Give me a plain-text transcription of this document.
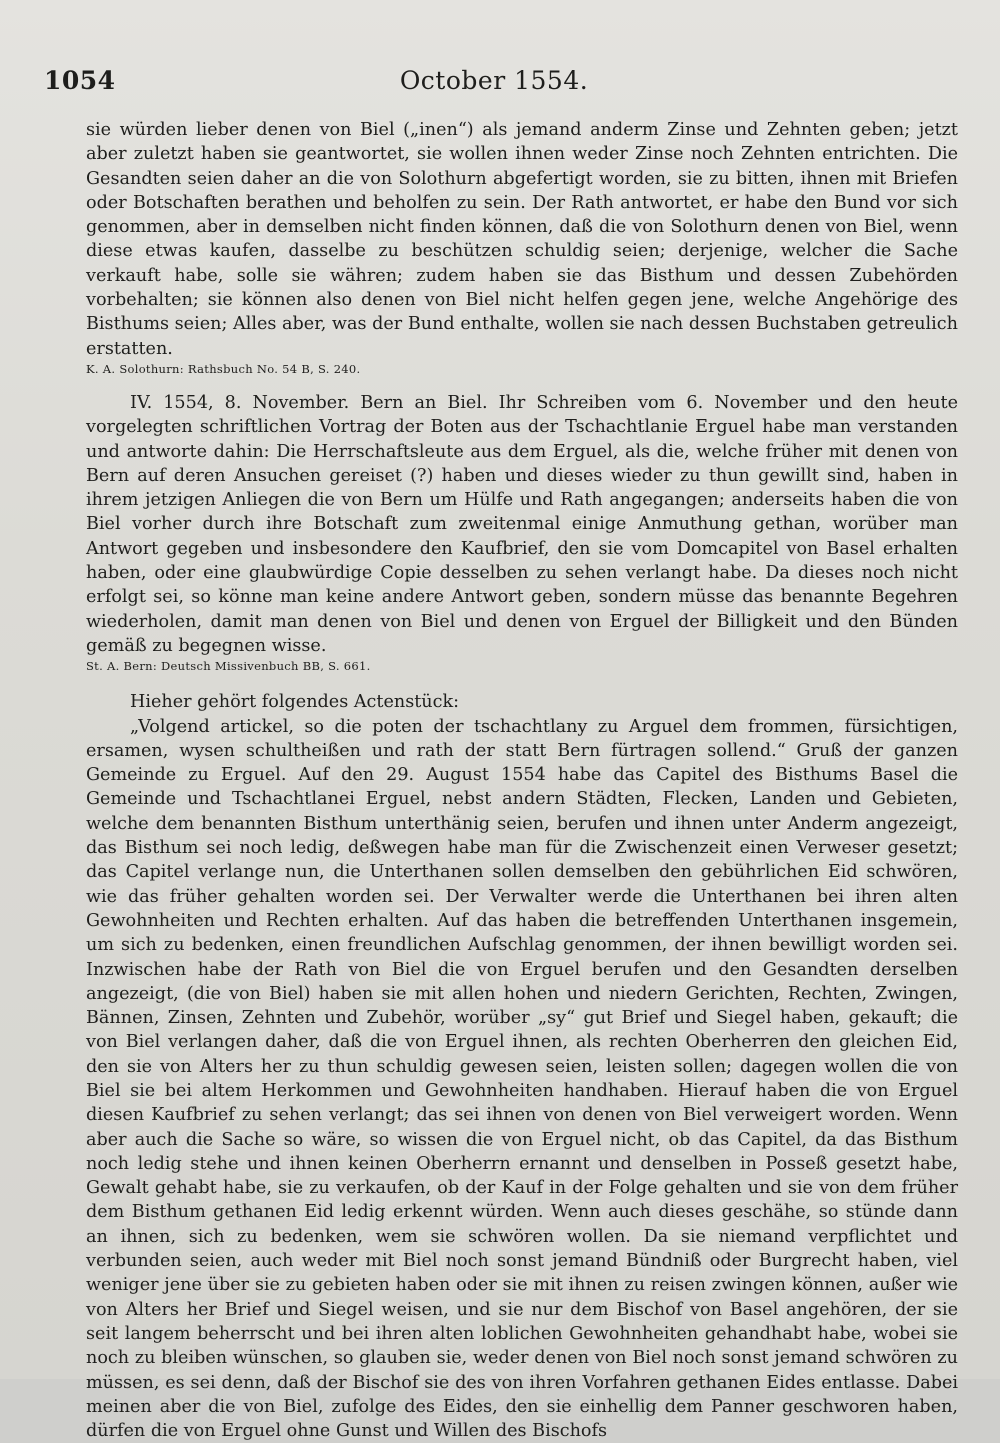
1054	October 1554.

sie würden lieber denen von Biel („inen“) als jemand anderm Zinse und Zehnten geben; jetzt aber zuletzt haben sie geantwortet, sie wollen ihnen weder Zinse noch Zehnten entrichten. Die Gesandten seien daher an die von Solothurn abgefertigt worden, sie zu bitten, ihnen mit Briefen oder Botschaften berathen und beholfen zu sein. Der Rath antwortet, er habe den Bund vor sich genommen, aber in demselben nicht finden können, daß die von Solothurn denen von Biel, wenn diese etwas kaufen, dasselbe zu beschützen schuldig seien; derjenige, welcher die Sache verkauft habe, solle sie währen; zudem haben sie das Bisthum und dessen Zubehörden vorbehalten; sie können also denen von Biel nicht helfen gegen jene, welche Angehörige des Bisthums seien; Alles aber, was der Bund enthalte, wollen sie nach dessen Buchstaben getreulich erstatten.

K. A. Solothurn: Rathsbuch No. 54 B, S. 240.

IV. 1554, 8. November. Bern an Biel. Ihr Schreiben vom 6. November und den heute vorgelegten schriftlichen Vortrag der Boten aus der Tschachtlanie Erguel habe man verstanden und antworte dahin: Die Herrschaftsleute aus dem Erguel, als die, welche früher mit denen von Bern auf deren Ansuchen gereiset (?) haben und dieses wieder zu thun gewillt sind, haben in ihrem jetzigen Anliegen die von Bern um Hülfe und Rath angegangen; anderseits haben die von Biel vorher durch ihre Botschaft zum zweitenmal einige Anmuthung gethan, worüber man Antwort gegeben und insbesondere den Kaufbrief, den sie vom Domcapitel von Basel erhalten haben, oder eine glaubwürdige Copie desselben zu sehen verlangt habe. Da dieses noch nicht erfolgt sei, so könne man keine andere Antwort geben, sondern müsse das benannte Begehren wiederholen, damit man denen von Biel und denen von Erguel der Billigkeit und den Bünden gemäß zu begegnen wisse.

St. A. Bern: Deutsch Missivenbuch BB, S. 661.

Hieher gehört folgendes Actenstück:

„Volgend artickel, so die poten der tschachtlany zu Arguel dem frommen, fürsichtigen, ersamen, wysen schultheißen und rath der statt Bern fürtragen sollend.“ Gruß der ganzen Gemeinde zu Erguel. Auf den 29. August 1554 habe das Capitel des Bisthums Basel die Gemeinde und Tschachtlanei Erguel, nebst andern Städten, Flecken, Landen und Gebieten, welche dem benannten Bisthum unterthänig seien, berufen und ihnen unter Anderm angezeigt, das Bisthum sei noch ledig, deßwegen habe man für die Zwischenzeit einen Verweser gesetzt; das Capitel verlange nun, die Unterthanen sollen demselben den gebührlichen Eid schwören, wie das früher gehalten worden sei. Der Verwalter werde die Unterthanen bei ihren alten Gewohnheiten und Rechten erhalten. Auf das haben die betreffenden Unterthanen insgemein, um sich zu bedenken, einen freundlichen Aufschlag genommen, der ihnen bewilligt worden sei. Inzwischen habe der Rath von Biel die von Erguel berufen und den Gesandten derselben angezeigt, (die von Biel) haben sie mit allen hohen und niedern Gerichten, Rechten, Zwingen, Bännen, Zinsen, Zehnten und Zubehör, worüber „sy“ gut Brief und Siegel haben, gekauft; die von Biel verlangen daher, daß die von Erguel ihnen, als rechten Oberherren den gleichen Eid, den sie von Alters her zu thun schuldig gewesen seien, leisten sollen; dagegen wollen die von Biel sie bei altem Herkommen und Gewohnheiten handhaben. Hierauf haben die von Erguel diesen Kaufbrief zu sehen verlangt; das sei ihnen von denen von Biel verweigert worden. Wenn aber auch die Sache so wäre, so wissen die von Erguel nicht, ob das Capitel, da das Bisthum noch ledig stehe und ihnen keinen Oberherrn ernannt und denselben in Posseß gesetzt habe, Gewalt gehabt habe, sie zu verkaufen, ob der Kauf in der Folge gehalten und sie von dem früher dem Bisthum gethanen Eid ledig erkennt würden. Wenn auch dieses geschähe, so stünde dann an ihnen, sich zu bedenken, wem sie schwören wollen. Da sie niemand verpflichtet und verbunden seien, auch weder mit Biel noch sonst jemand Bündniß oder Burgrecht haben, viel weniger jene über sie zu gebieten haben oder sie mit ihnen zu reisen zwingen können, außer wie von Alters her Brief und Siegel weisen, und sie nur dem Bischof von Basel angehören, der sie seit langem beherrscht und bei ihren alten loblichen Gewohnheiten gehandhabt habe, wobei sie noch zu bleiben wünschen, so glauben sie, weder denen von Biel noch sonst jemand schwören zu müssen, es sei denn, daß der Bischof sie des von ihren Vorfahren gethanen Eides entlasse. Dabei meinen aber die von Biel, zufolge des Eides, den sie einhellig dem Panner geschworen haben, dürfen die von Erguel ohne Gunst und Willen des Bischofs
